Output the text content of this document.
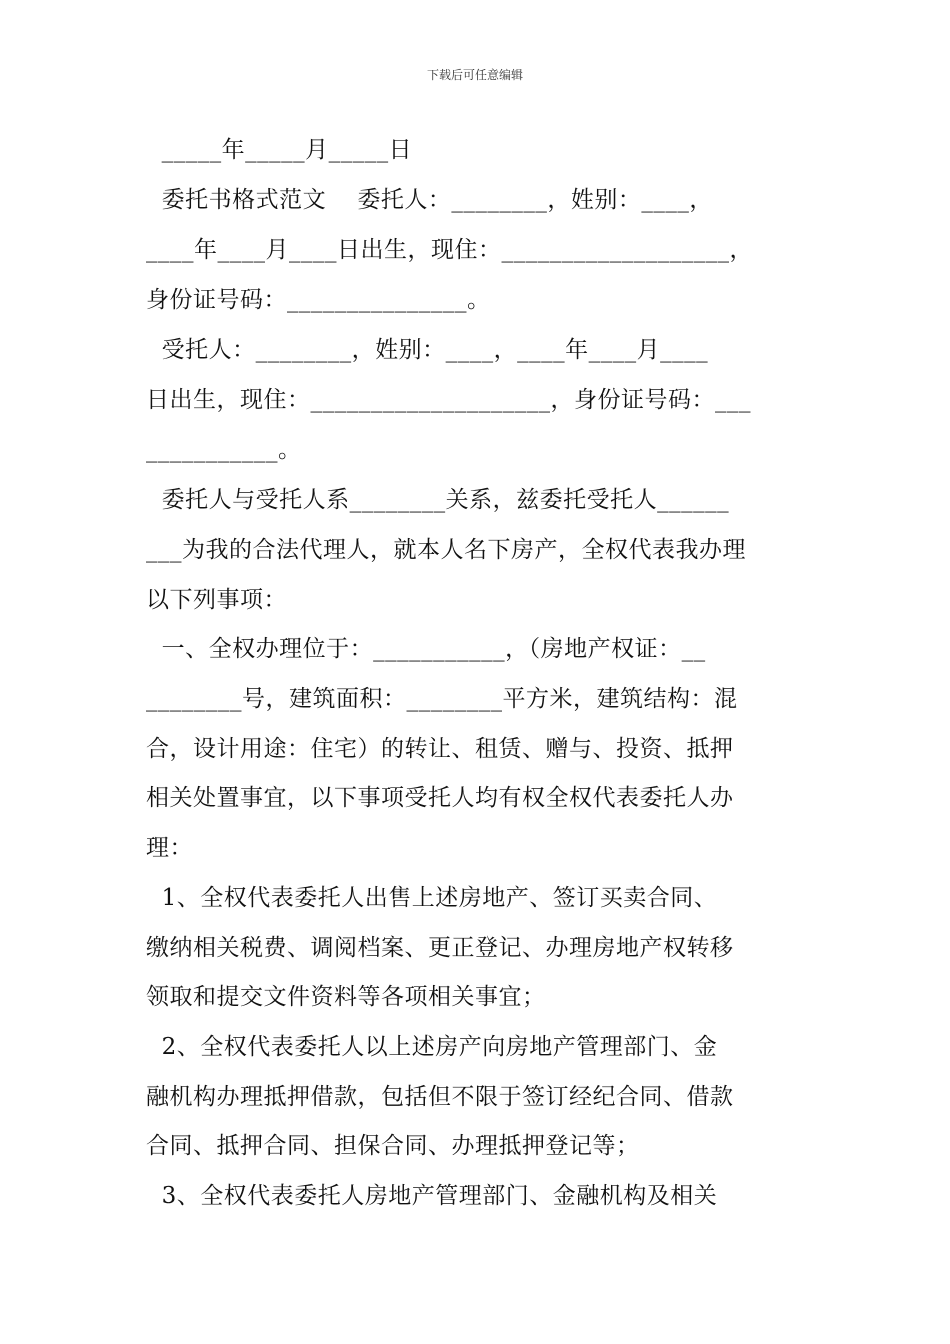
下载后可任意编辑
_____年_____月_____日
委托书格式范文    委托人：________，姓别：____，
____年____月____日出生，现住：___________________，
身份证号码：_______________。
受托人：________，姓别：____，____年____月____
日出生，现住：____________________，身份证号码：___
___________。
委托人与受托人系________关系，兹委托受托人______
___为我的合法代理人，就本人名下房产，全权代表我办理
以下列事项：
一、全权办理位于：___________，（房地产权证：__
________号，建筑面积：________平方米，建筑结构：混
合，设计用途：住宅）的转让、租赁、赠与、投资、抵押
相关处置事宜，以下事项受托人均有权全权代表委托人办
理：
1、全权代表委托人出售上述房地产、签订买卖合同、
缴纳相关税费、调阅档案、更正登记、办理房地产权转移
领取和提交文件资料等各项相关事宜；
2、全权代表委托人以上述房产向房地产管理部门、金
融机构办理抵押借款，包括但不限于签订经纪合同、借款
合同、抵押合同、担保合同、办理抵押登记等；
3、全权代表委托人房地产管理部门、金融机构及相关
